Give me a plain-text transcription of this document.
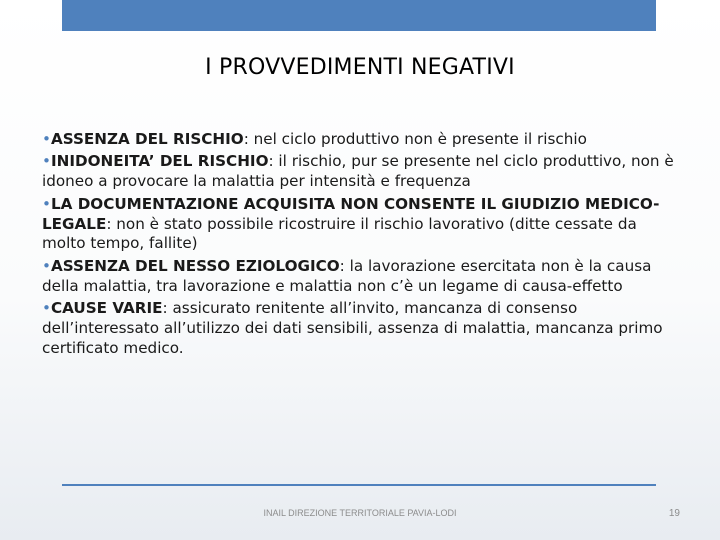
I PROVVEDIMENTI NEGATIVI

•ASSENZA DEL RISCHIO: nel ciclo produttivo non è presente il rischio

•INIDONEITA’ DEL RISCHIO: il rischio, pur se presente nel ciclo produttivo, non è idoneo a provocare la malattia per intensità e frequenza

•LA DOCUMENTAZIONE ACQUISITA NON CONSENTE IL GIUDIZIO MEDICO-LEGALE: non è stato possibile ricostruire il rischio lavorativo (ditte cessate da molto tempo, fallite)

•ASSENZA DEL NESSO EZIOLOGICO: la lavorazione esercitata non è la causa della malattia, tra lavorazione e malattia non c’è un legame di causa-effetto

•CAUSE VARIE: assicurato renitente all’invito, mancanza di consenso dell’interessato all’utilizzo dei dati sensibili, assenza di malattia, mancanza primo certificato medico.

INAIL DIREZIONE TERRITORIALE PAVIA-LODI	19
